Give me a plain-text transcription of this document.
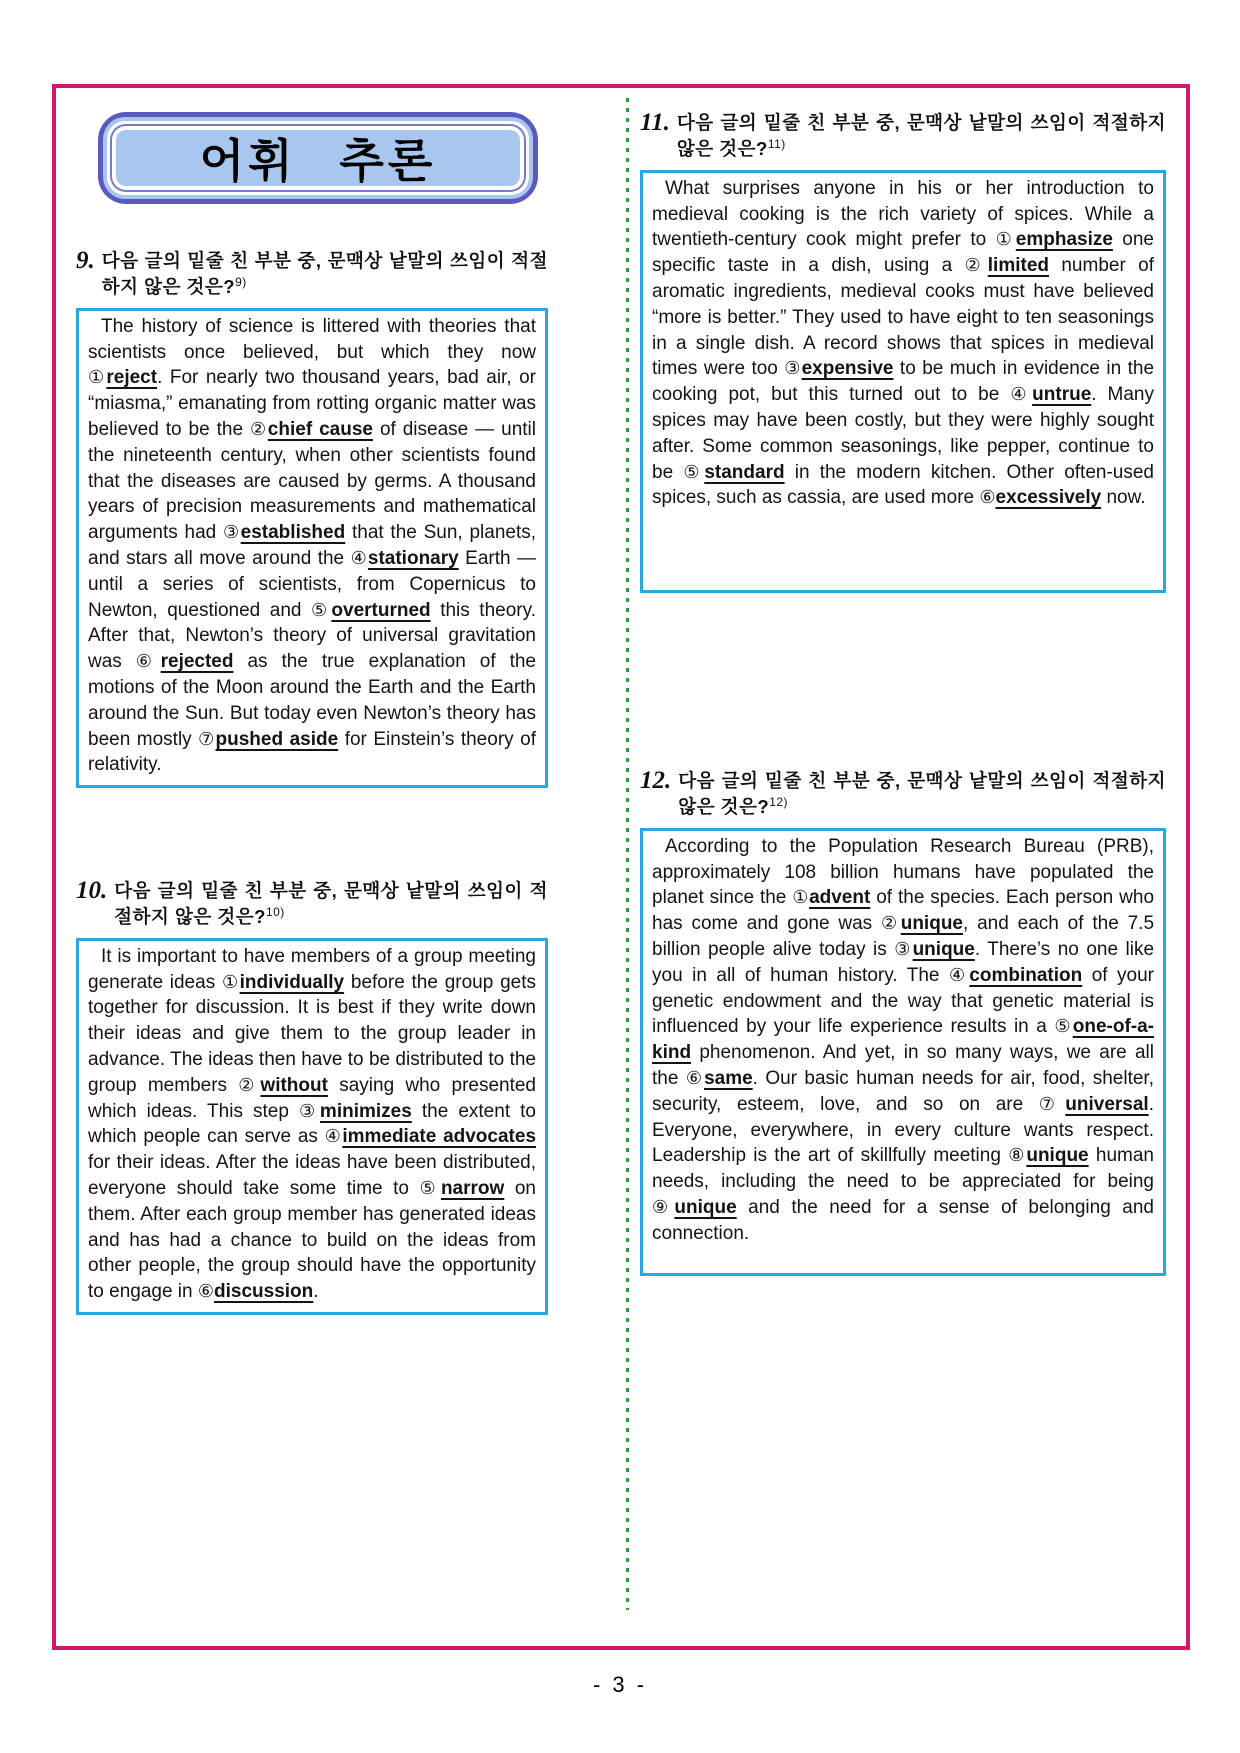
어휘 추론
9. 다음 글의 밑줄 친 부분 중, 문맥상 낱말의 쓰임이 적절하지 않은 것은?$^{9)}$
The history of science is littered with theories that scientists once believed, but which they now ①reject. For nearly two thousand years, bad air, or “miasma,” emanating from rotting organic matter was believed to be the ②chief cause of disease — until the nineteenth century, when other scientists found that the diseases are caused by germs. A thousand years of precision measurements and mathematical arguments had ③established that the Sun, planets, and stars all move around the ④stationary Earth — until a series of scientists, from Copernicus to Newton, questioned and ⑤overturned this theory. After that, Newton’s theory of universal gravitation was ⑥rejected as the true explanation of the motions of the Moon around the Earth and the Earth around the Sun. But today even Newton’s theory has been mostly ⑦pushed aside for Einstein’s theory of relativity.
10. 다음 글의 밑줄 친 부분 중, 문맥상 낱말의 쓰임이 적절하지 않은 것은?$^{10)}$
It is important to have members of a group meeting generate ideas ①individually before the group gets together for discussion. It is best if they write down their ideas and give them to the group leader in advance. The ideas then have to be distributed to the group members ②without saying who presented which ideas. This step ③minimizes the extent to which people can serve as ④immediate advocates for their ideas. After the ideas have been distributed, everyone should take some time to ⑤narrow on them. After each group member has generated ideas and has had a chance to build on the ideas from other people, the group should have the opportunity to engage in ⑥discussion.
11. 다음 글의 밑줄 친 부분 중, 문맥상 낱말의 쓰임이 적절하지 않은 것은?$^{11)}$
What surprises anyone in his or her introduction to medieval cooking is the rich variety of spices. While a twentieth-century cook might prefer to ①emphasize one specific taste in a dish, using a ②limited number of aromatic ingredients, medieval cooks must have believed “more is better.” They used to have eight to ten seasonings in a single dish. A record shows that spices in medieval times were too ③expensive to be much in evidence in the cooking pot, but this turned out to be ④untrue. Many spices may have been costly, but they were highly sought after. Some common seasonings, like pepper, continue to be ⑤standard in the modern kitchen. Other often-used spices, such as cassia, are used more ⑥excessively now.
12. 다음 글의 밑줄 친 부분 중, 문맥상 낱말의 쓰임이 적절하지 않은 것은?$^{12)}$
According to the Population Research Bureau (PRB), approximately 108 billion humans have populated the planet since the ①advent of the species. Each person who has come and gone was ②unique, and each of the 7.5 billion people alive today is ③unique. There’s no one like you in all of human history. The ④combination of your genetic endowment and the way that genetic material is influenced by your life experience results in a ⑤one-of-a-kind phenomenon. And yet, in so many ways, we are all the ⑥same. Our basic human needs for air, food, shelter, security, esteem, love, and so on are ⑦universal. Everyone, everywhere, in every culture wants respect. Leadership is the art of skillfully meeting ⑧unique human needs, including the need to be appreciated for being ⑨unique and the need for a sense of belonging and connection.
- 3 -
